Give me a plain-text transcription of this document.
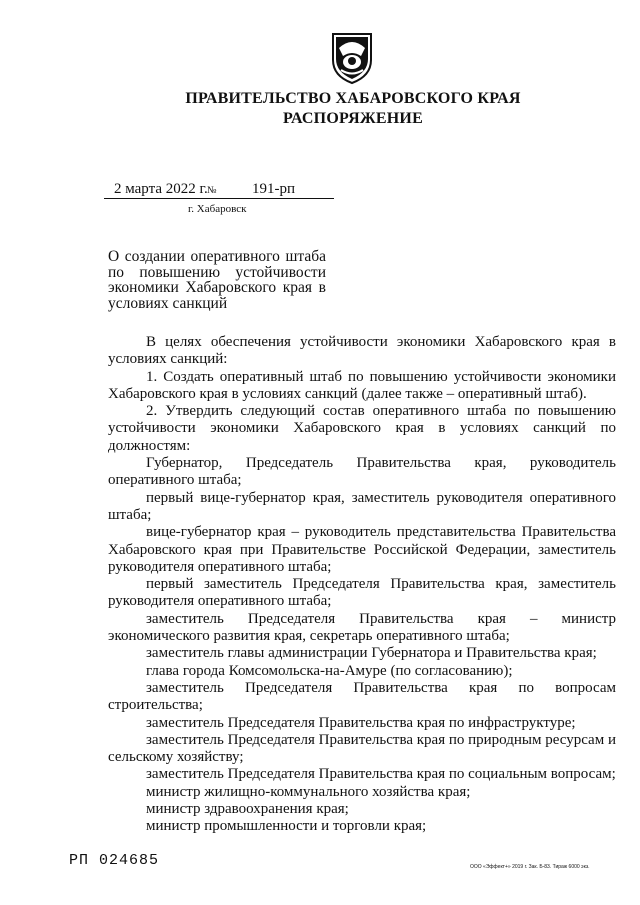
ПРАВИТЕЛЬСТВО ХАБАРОВСКОГО КРАЯ
РАСПОРЯЖЕНИЕ
2 марта 2022 г. № 191-рп
г. Хабаровск
О создании оперативного штаба по повышению устойчивости экономики Хабаровского края в условиях санкций

В целях обеспечения устойчивости экономики Хабаровского края в условиях санкций:

1. Создать оперативный штаб по повышению устойчивости экономики Хабаровского края в условиях санкций (далее также – оперативный штаб).

2. Утвердить следующий состав оперативного штаба по повышению устойчивости экономики Хабаровского края в условиях санкций по должностям:

Губернатор, Председатель Правительства края, руководитель оперативного штаба;

первый вице-губернатор края, заместитель руководителя оперативного штаба;

вице-губернатор края – руководитель представительства Правительства Хабаровского края при Правительстве Российской Федерации, заместитель руководителя оперативного штаба;

первый заместитель Председателя Правительства края, заместитель руководителя оперативного штаба;

заместитель Председателя Правительства края – министр экономического развития края, секретарь оперативного штаба;

заместитель главы администрации Губернатора и Правительства края;

глава города Комсомольска-на-Амуре (по согласованию);

заместитель Председателя Правительства края по вопросам строительства;

заместитель Председателя Правительства края по инфраструктуре;

заместитель Председателя Правительства края по природным ресурсам и сельскому хозяйству;

заместитель Председателя Правительства края по социальным вопросам;

министр жилищно-коммунального хозяйства края;

министр здравоохранения края;

министр промышленности и торговли края;

РП 024685	ООО «Эффект+» 2019 г. Зак. Б-83. Тираж 6000 экз.
